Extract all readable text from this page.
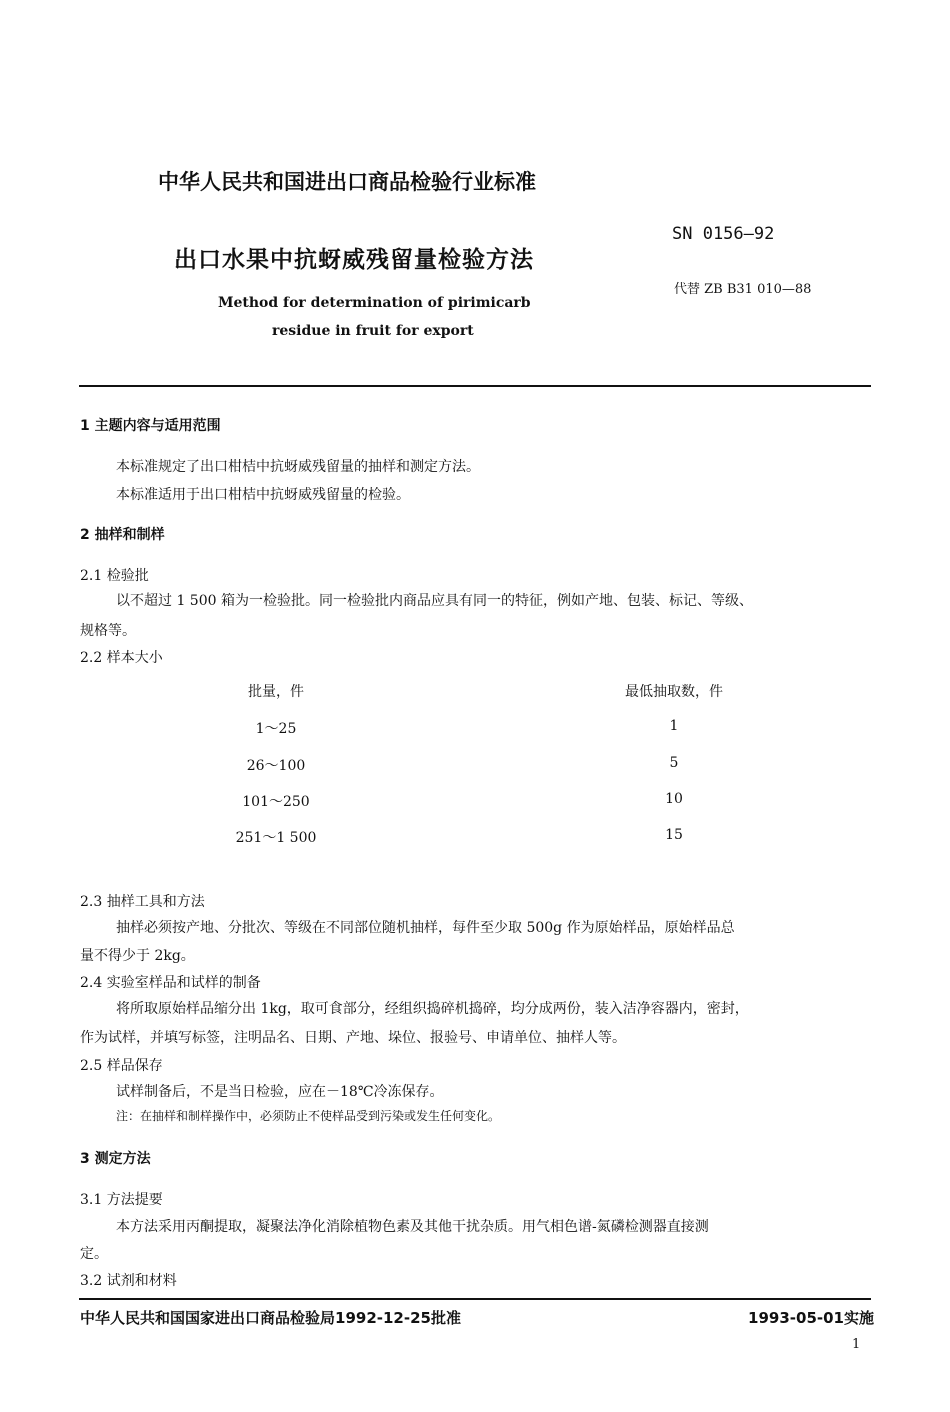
中华人民共和国进出口商品检验行业标准
SN 0156—92
出口水果中抗蚜威残留量检验方法
代替 ZB B31 010—88
Method for determination of pirimicarb
residue in fruit for export
1 主题内容与适用范围
本标准规定了出口柑桔中抗蚜威残留量的抽样和测定方法。
本标准适用于出口柑桔中抗蚜威残留量的检验。
2 抽样和制样
2.1 检验批
以不超过 1 500 箱为一检验批。同一检验批内商品应具有同一的特征，例如产地、包装、标记、等级、
规格等。
2.2 样本大小
批量，件	最低抽取数，件
1～25	1
26～100	5
101～250	10
251～1 500	15
2.3 抽样工具和方法
抽样必须按产地、分批次、等级在不同部位随机抽样，每件至少取 500g 作为原始样品，原始样品总
量不得少于 2kg。
2.4 实验室样品和试样的制备
将所取原始样品缩分出 1kg，取可食部分，经组织捣碎机捣碎，均分成两份，装入洁净容器内，密封，
作为试样，并填写标签，注明品名、日期、产地、垛位、报验号、申请单位、抽样人等。
2.5 样品保存
试样制备后，不是当日检验，应在－18℃冷冻保存。
注：在抽样和制样操作中，必须防止不使样品受到污染或发生任何变化。
3 测定方法
3.1 方法提要
本方法采用丙酮提取，凝聚法净化消除植物色素及其他干扰杂质。用气相色谱-氮磷检测器直接测
定。
3.2 试剂和材料
中华人民共和国国家进出口商品检验局1992-12-25批准	1993-05-01实施
1
